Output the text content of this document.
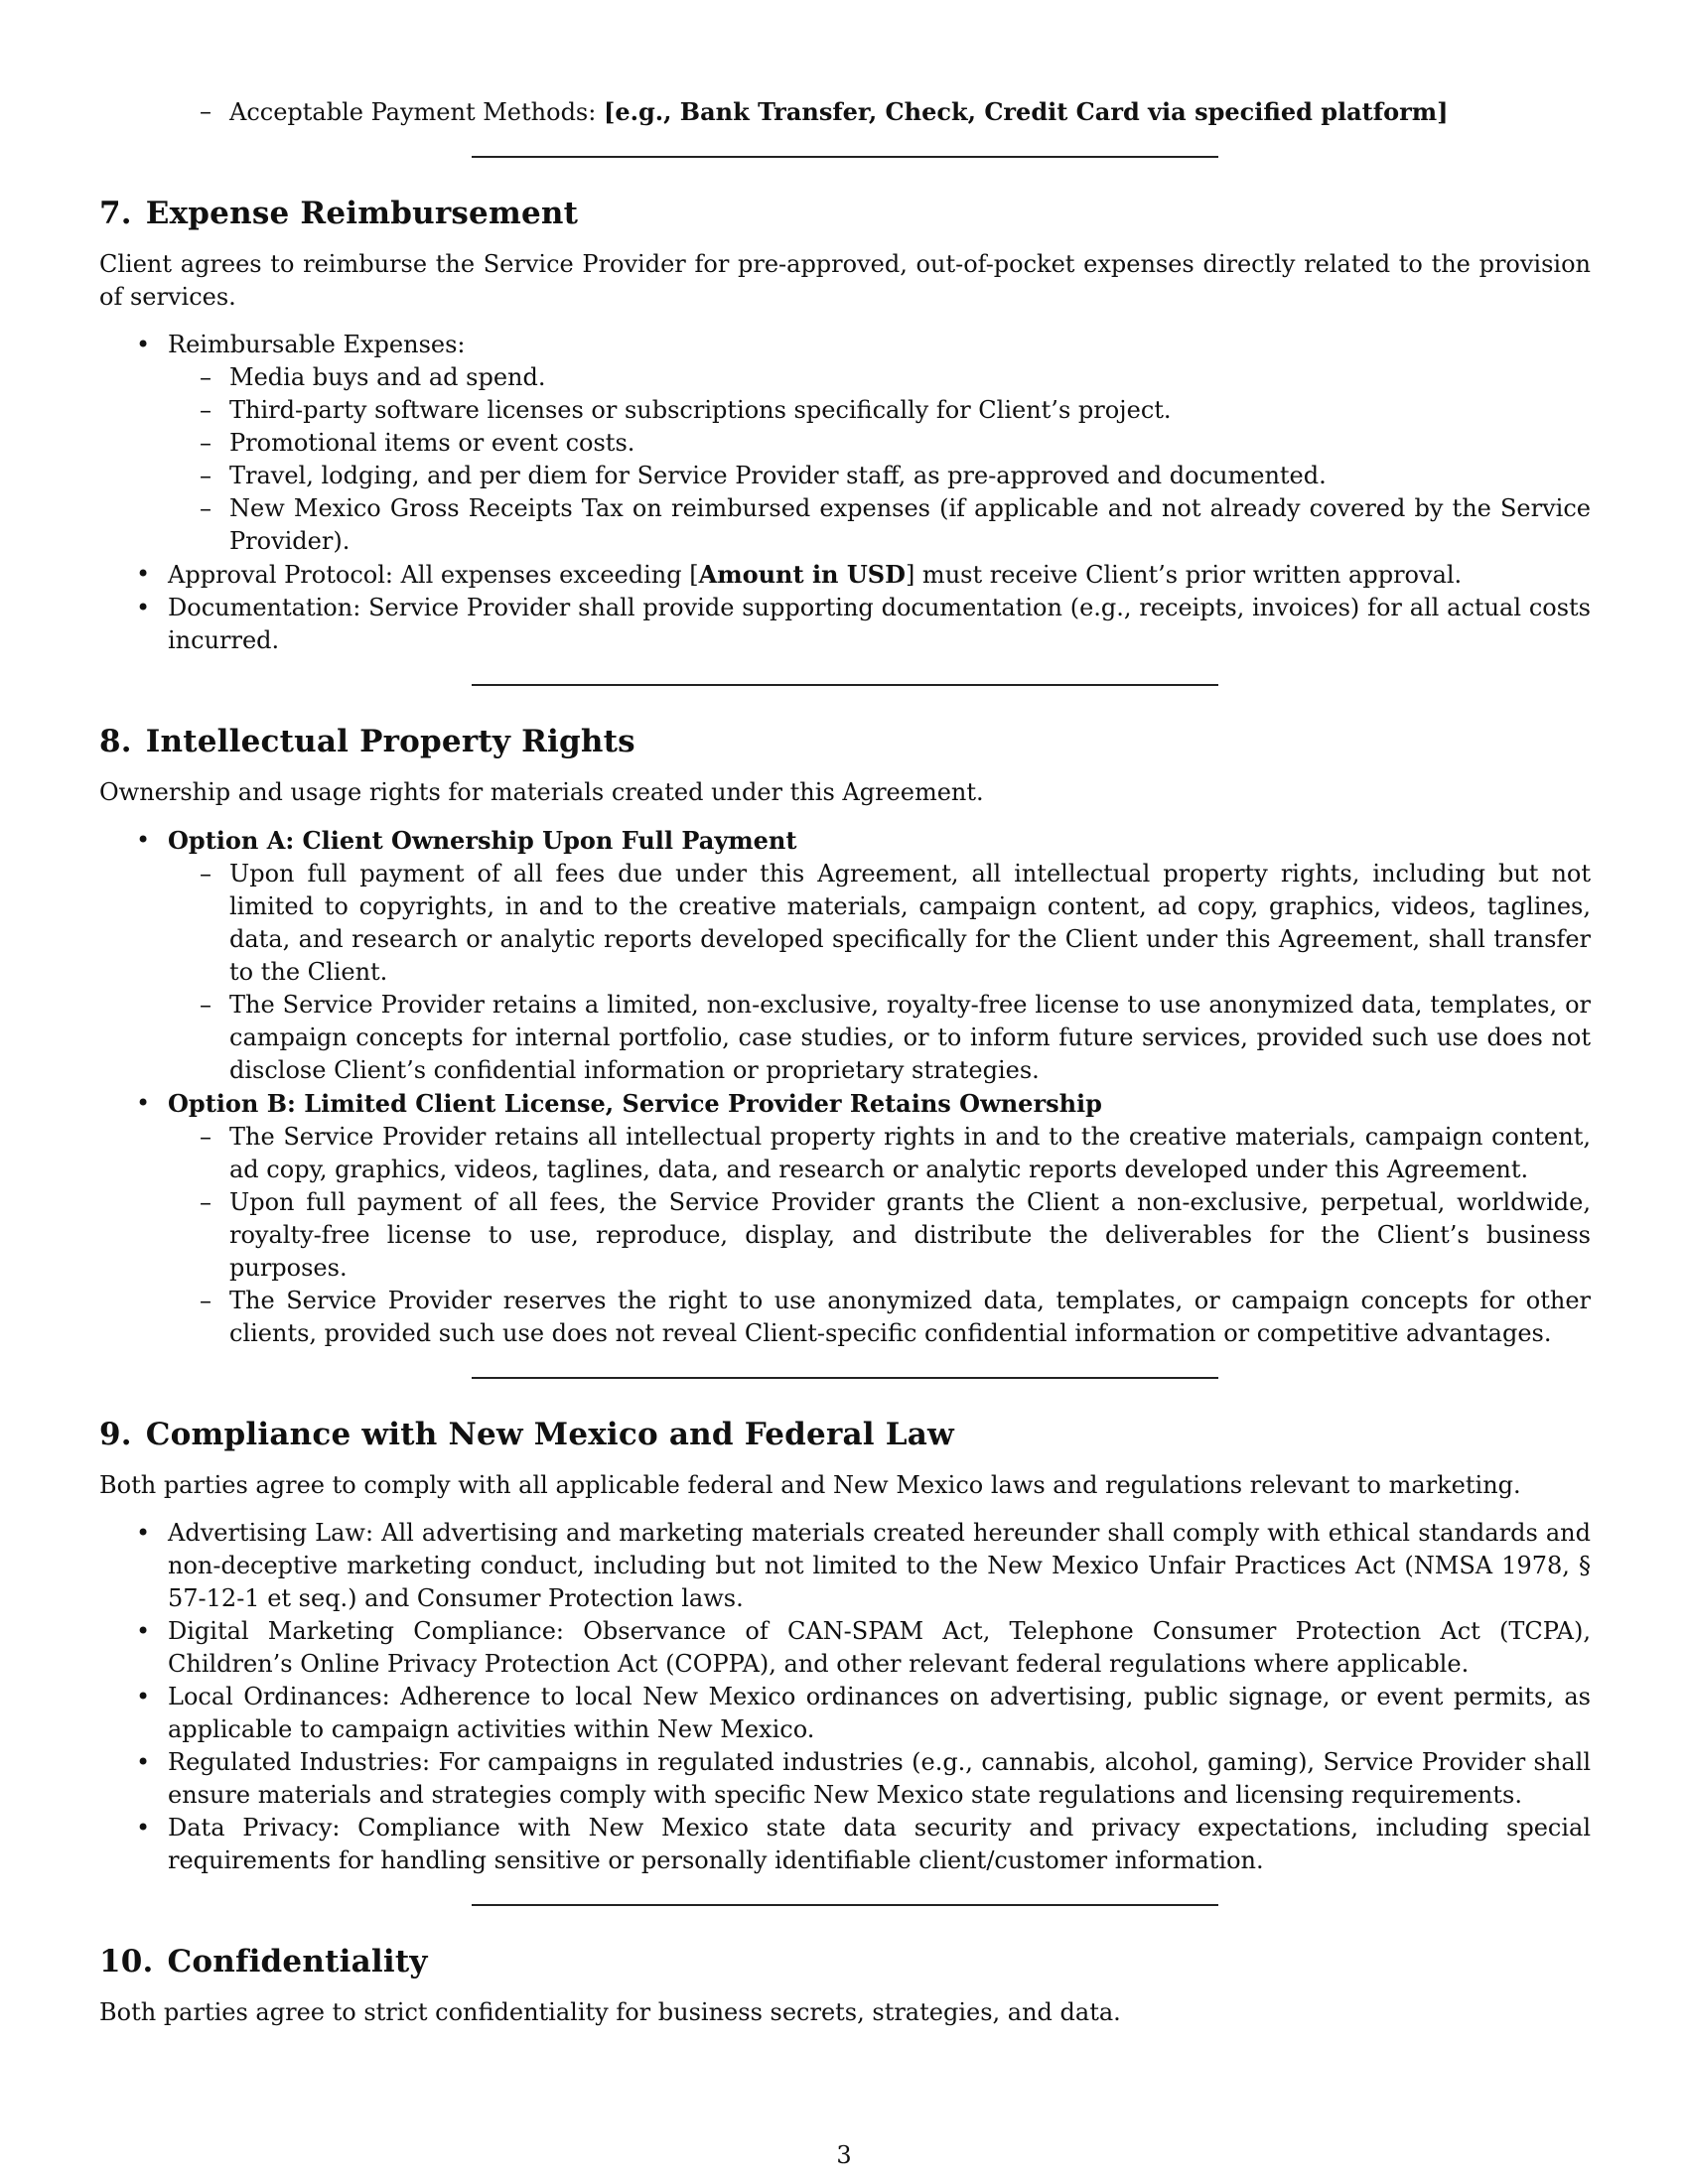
– Acceptable Payment Methods: [e.g., Bank Transfer, Check, Credit Card via specified platform]
7. Expense Reimbursement

Client agrees to reimburse the Service Provider for pre-approved, out-of-pocket expenses directly related to the provision of services.

• Reimbursable Expenses:
– Media buys and ad spend.
– Third-party software licenses or subscriptions specifically for Client’s project.
– Promotional items or event costs.
– Travel, lodging, and per diem for Service Provider staff, as pre-approved and documented.
– New Mexico Gross Receipts Tax on reimbursed expenses (if applicable and not already covered by the Service Provider).
• Approval Protocol: All expenses exceeding [Amount in USD] must receive Client’s prior written approval.
• Documentation: Service Provider shall provide supporting documentation (e.g., receipts, invoices) for all actual costs incurred.
8. Intellectual Property Rights

Ownership and usage rights for materials created under this Agreement.

• Option A: Client Ownership Upon Full Payment
– Upon full payment of all fees due under this Agreement, all intellectual property rights, including but not limited to copyrights, in and to the creative materials, campaign content, ad copy, graphics, videos, taglines, data, and research or analytic reports developed specifically for the Client under this Agreement, shall transfer to the Client.
– The Service Provider retains a limited, non-exclusive, royalty-free license to use anonymized data, templates, or campaign concepts for internal portfolio, case studies, or to inform future services, provided such use does not disclose Client’s confidential information or proprietary strategies.
• Option B: Limited Client License, Service Provider Retains Ownership
– The Service Provider retains all intellectual property rights in and to the creative materials, campaign content, ad copy, graphics, videos, taglines, data, and research or analytic reports developed under this Agreement.
– Upon full payment of all fees, the Service Provider grants the Client a non-exclusive, perpetual, worldwide, royalty-free license to use, reproduce, display, and distribute the deliverables for the Client’s business purposes.
– The Service Provider reserves the right to use anonymized data, templates, or campaign concepts for other clients, provided such use does not reveal Client-specific confidential information or competitive advantages.
9. Compliance with New Mexico and Federal Law

Both parties agree to comply with all applicable federal and New Mexico laws and regulations relevant to marketing.

• Advertising Law: All advertising and marketing materials created hereunder shall comply with ethical standards and non-deceptive marketing conduct, including but not limited to the New Mexico Unfair Practices Act (NMSA 1978, § 57-12-1 et seq.) and Consumer Protection laws.
• Digital Marketing Compliance: Observance of CAN-SPAM Act, Telephone Consumer Protection Act (TCPA), Children’s Online Privacy Protection Act (COPPA), and other relevant federal regulations where applicable.
• Local Ordinances: Adherence to local New Mexico ordinances on advertising, public signage, or event permits, as applicable to campaign activities within New Mexico.
• Regulated Industries: For campaigns in regulated industries (e.g., cannabis, alcohol, gaming), Service Provider shall ensure materials and strategies comply with specific New Mexico state regulations and licensing requirements.
• Data Privacy: Compliance with New Mexico state data security and privacy expectations, including special requirements for handling sensitive or personally identifiable client/customer information.
10. Confidentiality

Both parties agree to strict confidentiality for business secrets, strategies, and data.

3
